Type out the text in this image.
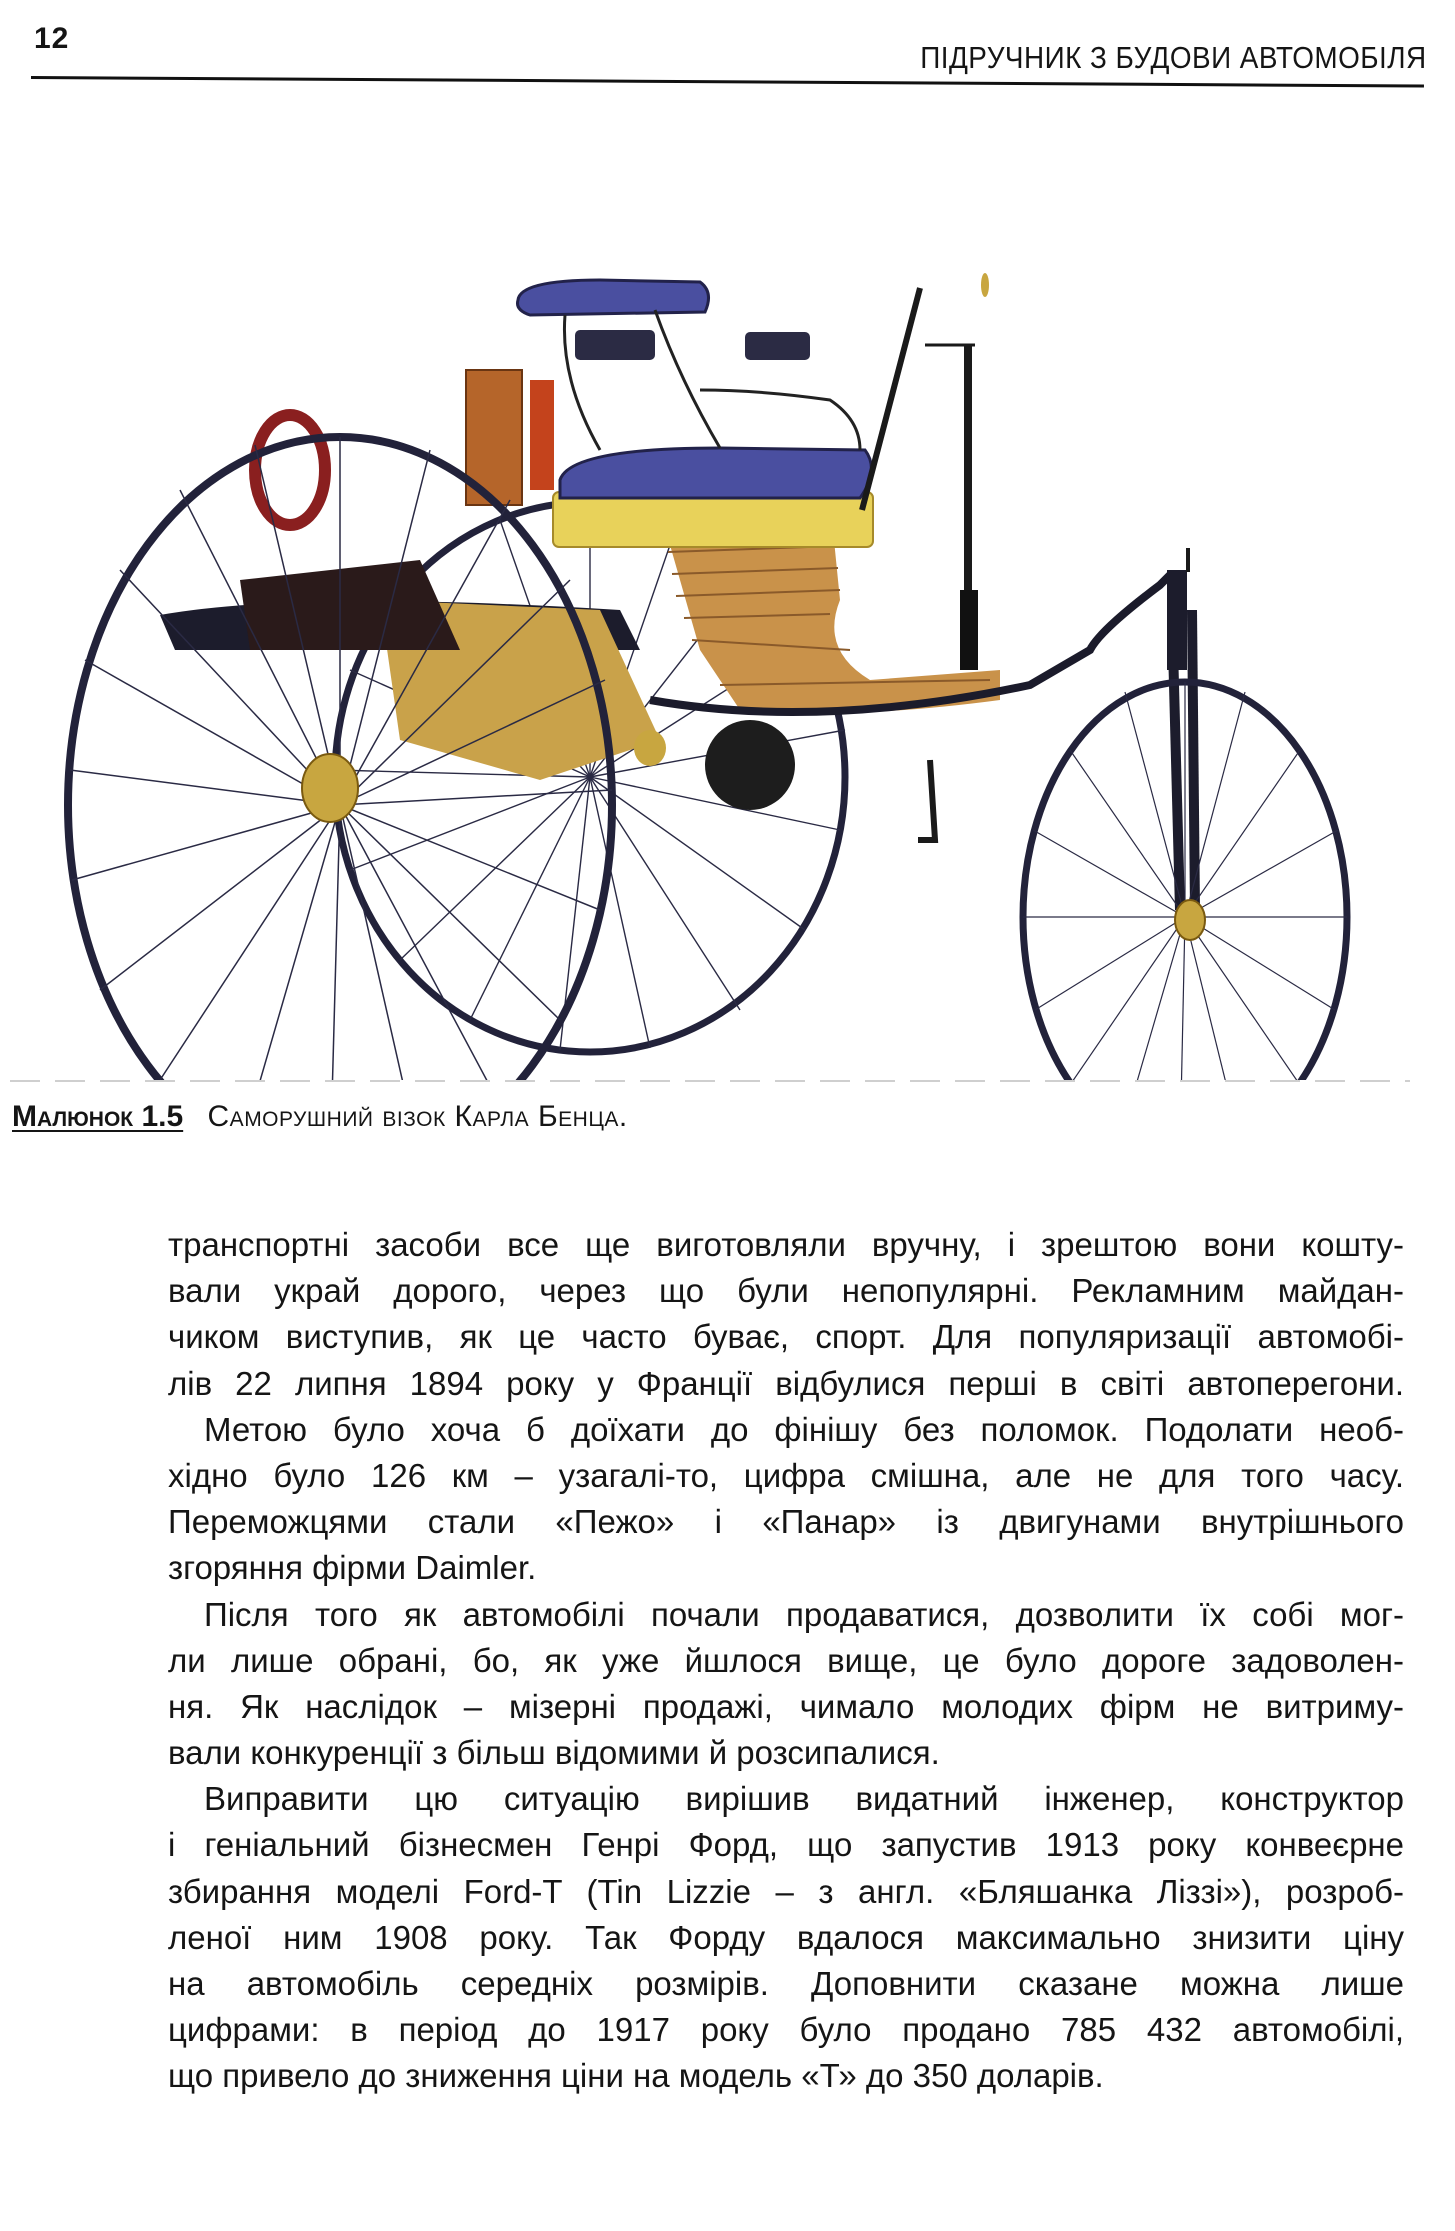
12
ПІДРУЧНИК З БУДОВИ АВТОМОБІЛЯ
Малюнок 1.5 Саморушний візок Карла Бенца.
транспортні засоби все ще виготовляли вручну, і зрештою вони кошту-
вали украй дорого, через що були непопулярні. Рекламним майдан-
чиком виступив, як це часто буває, спорт. Для популяризації автомобі-
лів 22 липня 1894 року у Франції відбулися перші в світі автоперегони.
Метою було хоча б доїхати до фінішу без поломок. Подолати необ-
хідно було 126 км – узагалі-то, цифра смішна, але не для того часу.
Переможцями стали «Пежо» і «Панар» із двигунами внутрішнього
згоряння фірми Daimler.
Після того як автомобілі почали продаватися, дозволити їх собі мог-
ли лише обрані, бо, як уже йшлося вище, це було дороге задоволен-
ня. Як наслідок – мізерні продажі, чимало молодих фірм не витриму-
вали конкуренції з більш відомими й розсипалися.
Виправити цю ситуацію вирішив видатний інженер, конструктор
і геніальний бізнесмен Генрі Форд, що запустив 1913 року конвеєрне
збирання моделі Ford-T (Tin Lizzie – з англ. «Бляшанка Ліззі»), розроб-
леної ним 1908 року. Так Форду вдалося максимально знизити ціну
на автомобіль середніх розмірів. Доповнити сказане можна лише
цифрами: в період до 1917 року було продано 785 432 автомобілі,
що привело до зниження ціни на модель «Т» до 350 доларів.
